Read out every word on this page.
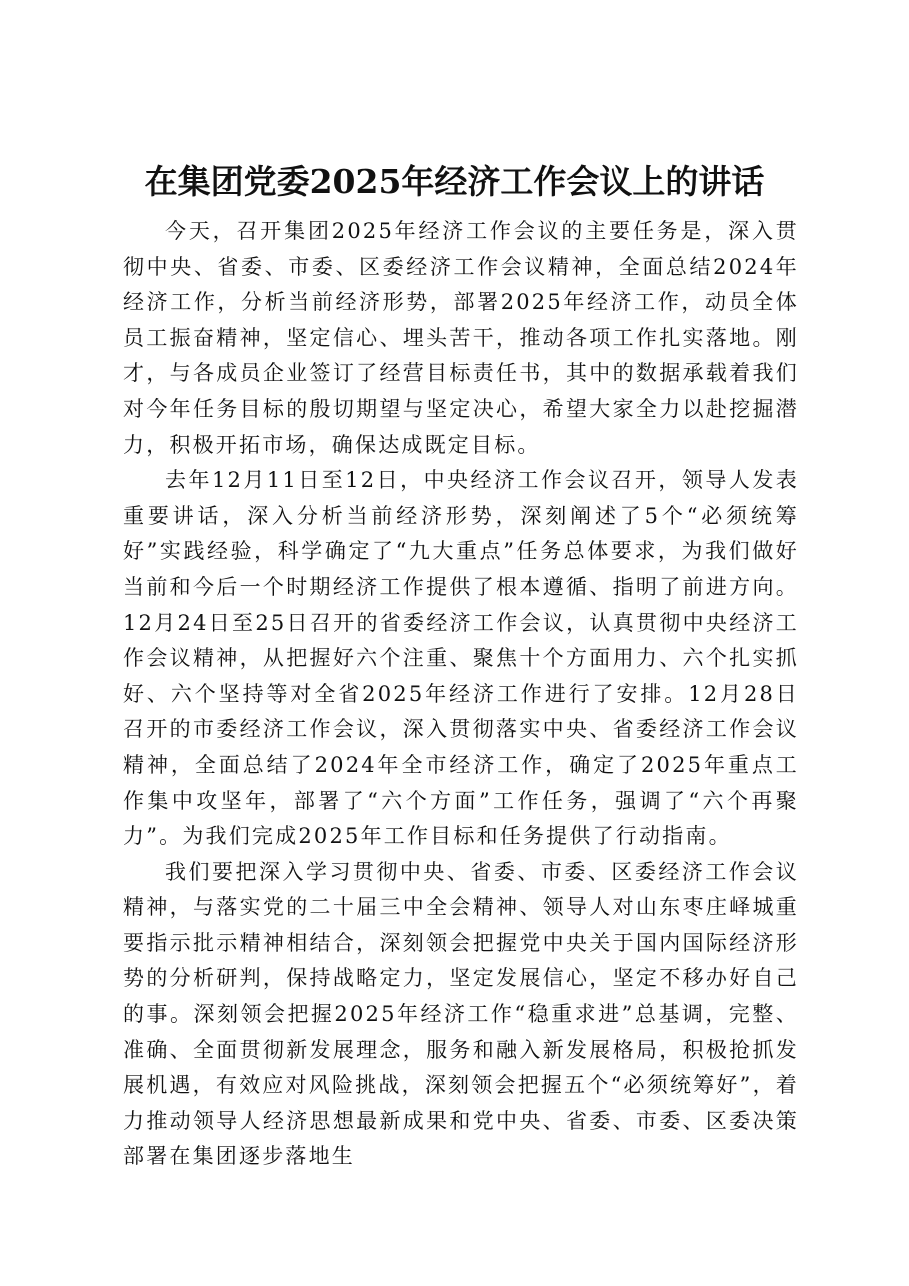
在集团党委2025年经济工作会议上的讲话

今天，召开集团2025年经济工作会议的主要任务是，深入贯彻中央、省委、市委、区委经济工作会议精神，全面总结2024年经济工作，分析当前经济形势，部署2025年经济工作，动员全体员工振奋精神，坚定信心、埋头苦干，推动各项工作扎实落地。刚才，与各成员企业签订了经营目标责任书，其中的数据承载着我们对今年任务目标的殷切期望与坚定决心，希望大家全力以赴挖掘潜力，积极开拓市场，确保达成既定目标。

去年12月11日至12日，中央经济工作会议召开，领导人发表重要讲话，深入分析当前经济形势，深刻阐述了5个“必须统筹好”实践经验，科学确定了“九大重点”任务总体要求，为我们做好当前和今后一个时期经济工作提供了根本遵循、指明了前进方向。12月24日至25日召开的省委经济工作会议，认真贯彻中央经济工作会议精神，从把握好六个注重、聚焦十个方面用力、六个扎实抓好、六个坚持等对全省2025年经济工作进行了安排。12月28日召开的市委经济工作会议，深入贯彻落实中央、省委经济工作会议精神，全面总结了2024年全市经济工作，确定了2025年重点工作集中攻坚年，部署了“六个方面”工作任务，强调了“六个再聚力”。为我们完成2025年工作目标和任务提供了行动指南。

我们要把深入学习贯彻中央、省委、市委、区委经济工作会议精神，与落实党的二十届三中全会精神、领导人对山东枣庄峄城重要指示批示精神相结合，深刻领会把握党中央关于国内国际经济形势的分析研判，保持战略定力，坚定发展信心，坚定不移办好自己的事。深刻领会把握2025年经济工作“稳重求进”总基调，完整、准确、全面贯彻新发展理念，服务和融入新发展格局，积极抢抓发展机遇，有效应对风险挑战，深刻领会把握五个“必须统筹好”，着力推动领导人经济思想最新成果和党中央、省委、市委、区委决策部署在集团逐步落地生
